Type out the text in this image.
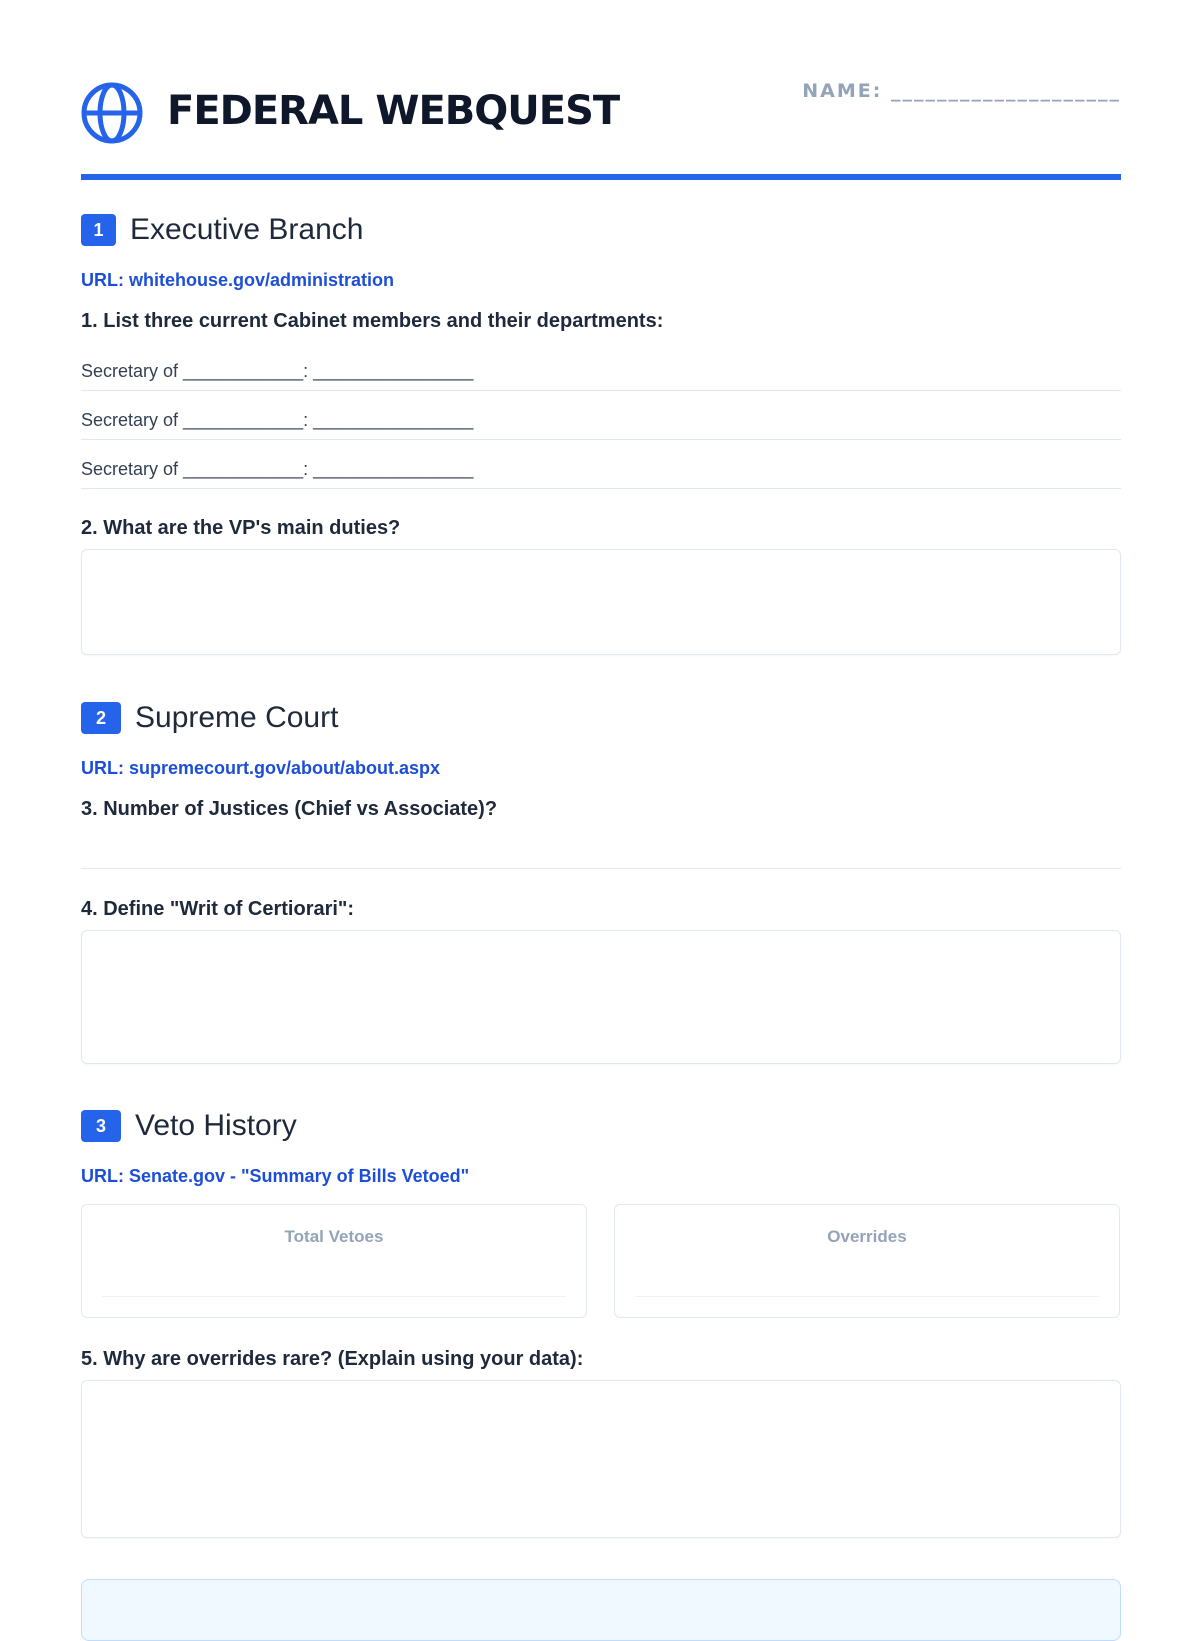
FEDERAL WEBQUEST	NAME: ____________________
1 Executive Branch
URL: whitehouse.gov/administration
1. List three current Cabinet members and their departments:
Secretary of ____________: ________________
Secretary of ____________: ________________
Secretary of ____________: ________________
2. What are the VP's main duties?
2 Supreme Court
URL: supremecourt.gov/about/about.aspx
3. Number of Justices (Chief vs Associate)?
4. Define "Writ of Certiorari":
3 Veto History
URL: Senate.gov - "Summary of Bills Vetoed"
Total Vetoes	Overrides
5. Why are overrides rare? (Explain using your data):
